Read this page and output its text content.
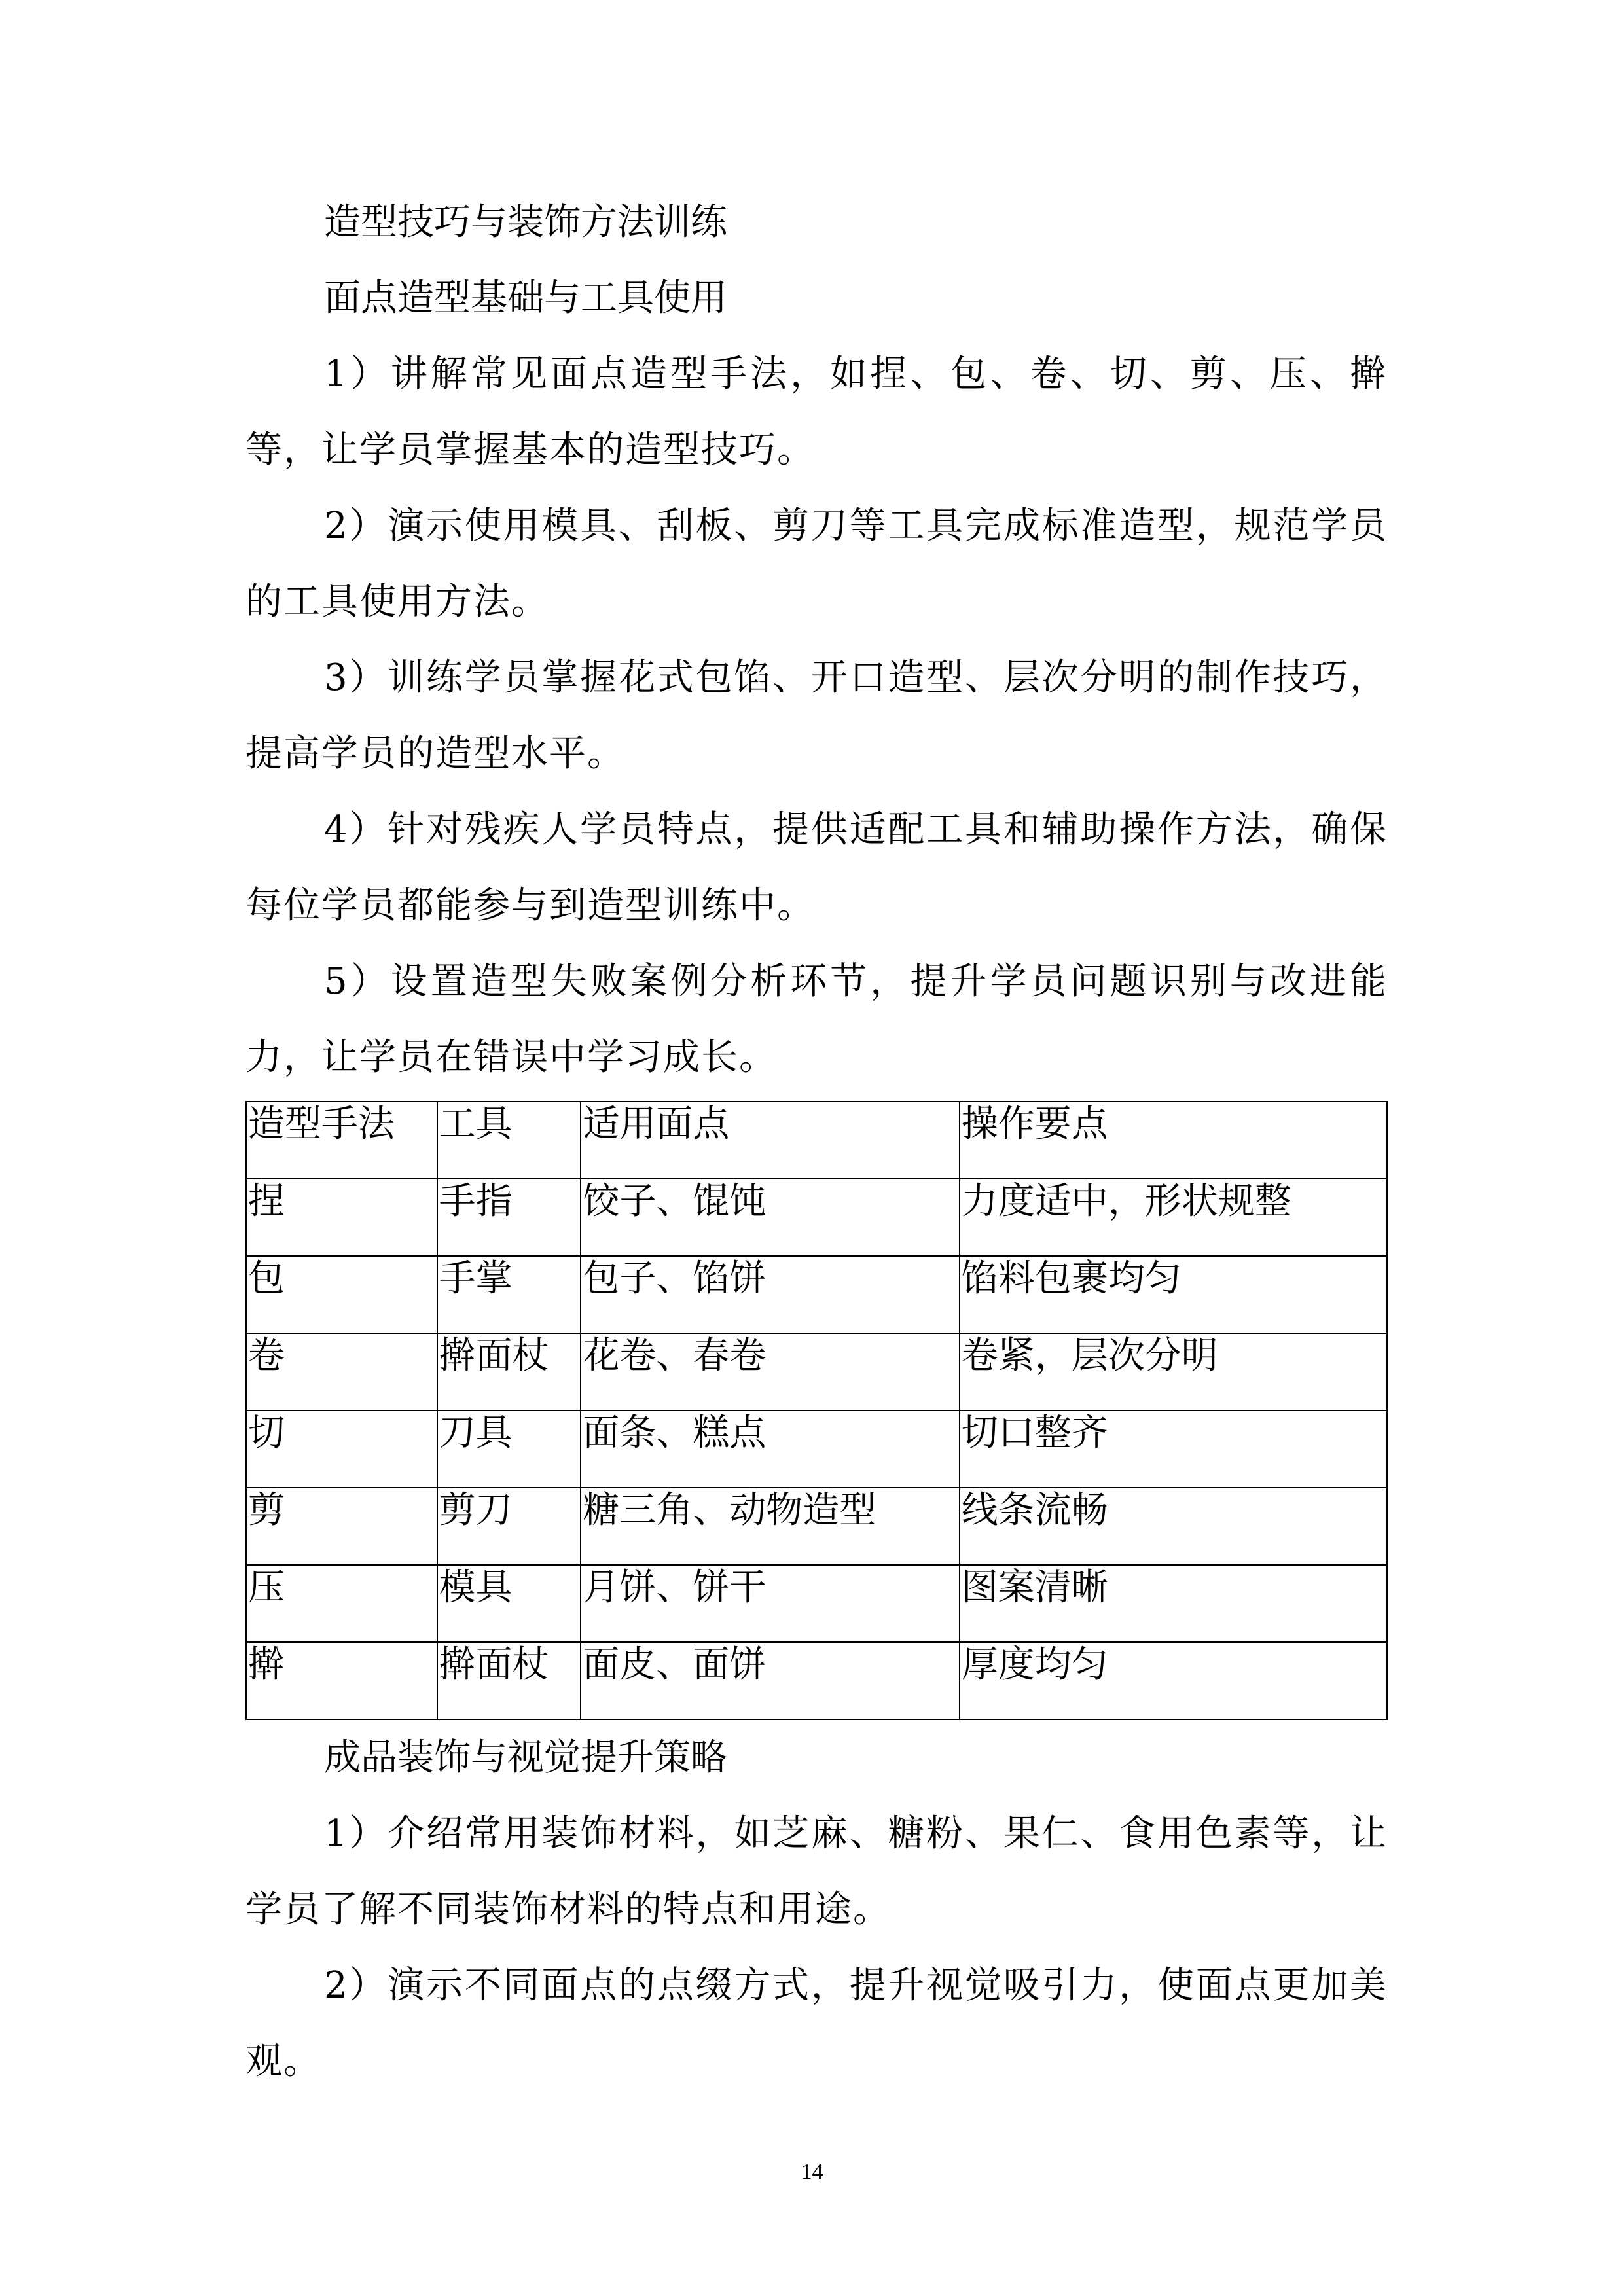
造型技巧与装饰方法训练

面点造型基础与工具使用

1）讲解常见面点造型手法，如捏、包、卷、切、剪、压、擀等，让学员掌握基本的造型技巧。

2）演示使用模具、刮板、剪刀等工具完成标准造型，规范学员的工具使用方法。

3）训练学员掌握花式包馅、开口造型、层次分明的制作技巧，提高学员的造型水平。

4）针对残疾人学员特点，提供适配工具和辅助操作方法，确保每位学员都能参与到造型训练中。

5）设置造型失败案例分析环节，提升学员问题识别与改进能力，让学员在错误中学习成长。

造型手法	工具	适用面点	操作要点
捏	手指	饺子、馄饨	力度适中，形状规整
包	手掌	包子、馅饼	馅料包裹均匀
卷	擀面杖	花卷、春卷	卷紧，层次分明
切	刀具	面条、糕点	切口整齐
剪	剪刀	糖三角、动物造型	线条流畅
压	模具	月饼、饼干	图案清晰
擀	擀面杖	面皮、面饼	厚度均匀

成品装饰与视觉提升策略

1）介绍常用装饰材料，如芝麻、糖粉、果仁、食用色素等，让学员了解不同装饰材料的特点和用途。

2）演示不同面点的点缀方式，提升视觉吸引力，使面点更加美观。

14
